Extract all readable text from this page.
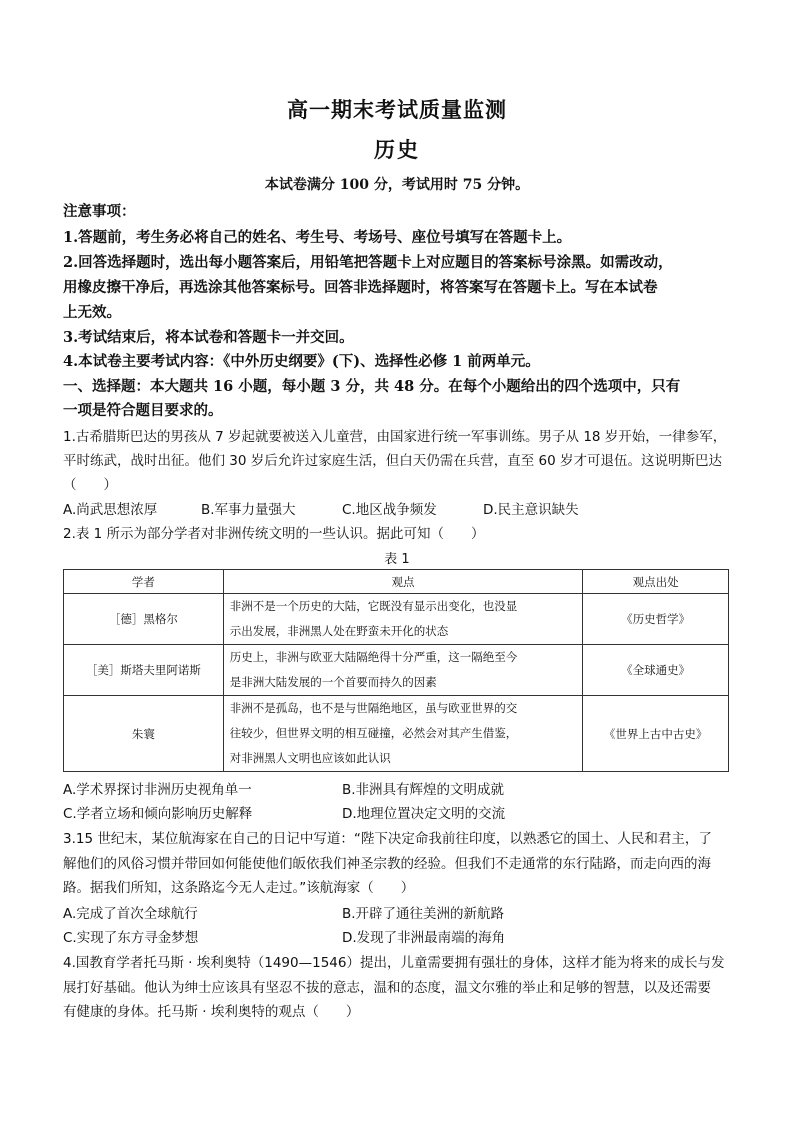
高一期末考试质量监测
历史
本试卷满分 100 分，考试用时 75 分钟。
注意事项：
1.答题前，考生务必将自己的姓名、考生号、考场号、座位号填写在答题卡上。
2.回答选择题时，选出每小题答案后，用铅笔把答题卡上对应题目的答案标号涂黑。如需改动，
用橡皮擦干净后，再选涂其他答案标号。回答非选择题时，将答案写在答题卡上。写在本试卷
上无效。
3.考试结束后，将本试卷和答题卡一并交回。
4.本试卷主要考试内容：《中外历史纲要》(下)、选择性必修 1 前两单元。
一、选择题：本大题共 16 小题，每小题 3 分，共 48 分。在每个小题给出的四个选项中，只有
一项是符合题目要求的。
1.古希腊斯巴达的男孩从 7 岁起就要被送入儿童营，由国家进行统一军事训练。男子从 18 岁开始，一律参军，
平时练武，战时出征。他们 30 岁后允许过家庭生活，但白天仍需在兵营，直至 60 岁才可退伍。这说明斯巴达
（　　）
A.尚武思想浓厚	B.军事力量强大	C.地区战争频发	D.民主意识缺失
2.表 1 所示为部分学者对非洲传统文明的一些认识。据此可知（　　）
表 1
学者	观点	观点出处
［德］黑格尔	非洲不是一个历史的大陆，它既没有显示出变化，也没显
示出发展，非洲黑人处在野蛮未开化的状态	《历史哲学》
［美］斯塔夫里阿诺斯	历史上，非洲与欧亚大陆隔绝得十分严重，这一隔绝至今
是非洲大陆发展的一个首要而持久的因素	《全球通史》
朱寰	非洲不是孤岛，也不是与世隔绝地区，虽与欧亚世界的交
往较少，但世界文明的相互碰撞，必然会对其产生借鉴，
对非洲黑人文明也应该如此认识	《世界上古中古史》
A.学术界探讨非洲历史视角单一	B.非洲具有辉煌的文明成就
C.学者立场和倾向影响历史解释	D.地理位置决定文明的交流
3.15 世纪末，某位航海家在自己的日记中写道：“陛下决定命我前往印度，以熟悉它的国土、人民和君主，了
解他们的风俗习惯并带回如何能使他们皈依我们神圣宗教的经验。但我们不走通常的东行陆路，而走向西的海
路。据我们所知，这条路迄今无人走过。”该航海家（　　）
A.完成了首次全球航行	B.开辟了通往美洲的新航路
C.实现了东方寻金梦想	D.发现了非洲最南端的海角
4.国教育学者托马斯 · 埃利奥特（1490—1546）提出，儿童需要拥有强壮的身体，这样才能为将来的成长与发
展打好基础。他认为绅士应该具有坚忍不拔的意志，温和的态度，温文尔雅的举止和足够的智慧，以及还需要
有健康的身体。托马斯 · 埃利奥特的观点（　　）
